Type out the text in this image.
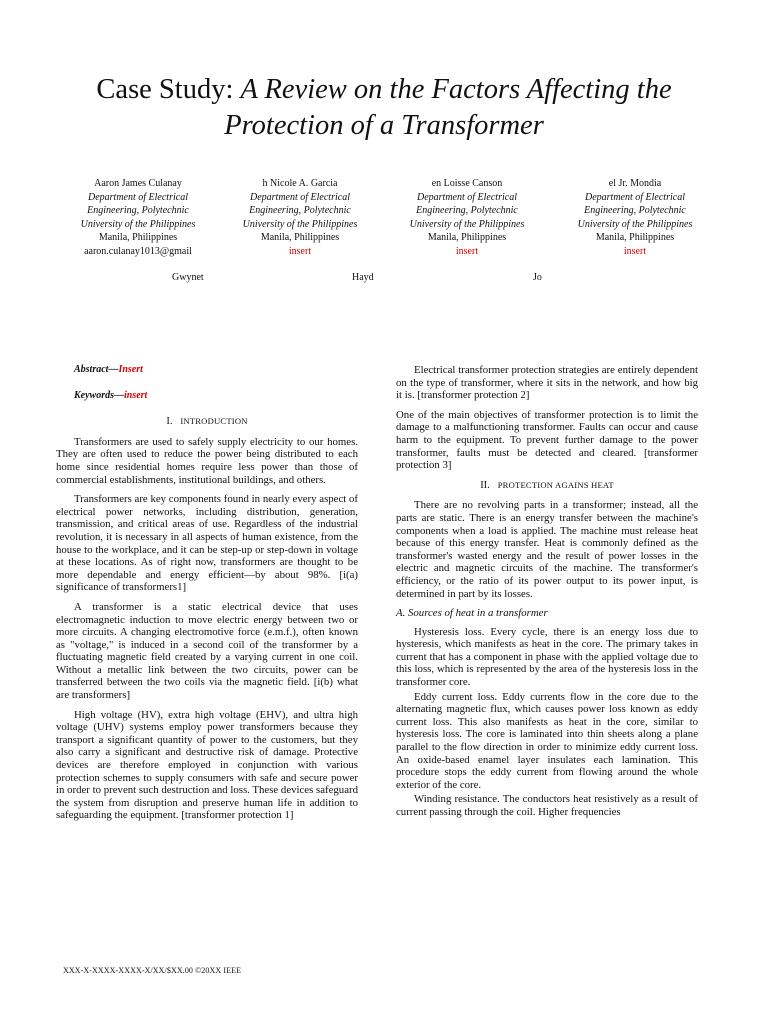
Case Study: A Review on the Factors Affecting the
Protection of a Transformer
Aaron James Culanay

Department of Electrical
Engineering, Polytechnic
University of the Philippines
Manila, Philippines
aaron.culanay1013@gmail
h Nicole A. Garcia

Department of Electrical
Engineering, Polytechnic
University of the Philippines
Manila, Philippines
insert
en Loisse Canson

Department of Electrical
Engineering, Polytechnic
University of the Philippines
Manila, Philippines
insert
el Jr. Mondia

Department of Electrical
Engineering, Polytechnic
University of the Philippines
Manila, Philippines
insert
Gwynet	Hayd	Jo

Abstract—Insert

Keywords—insert

I. INTRODUCTION

Transformers are used to safely supply electricity to our homes. They are often used to reduce the power being distributed to each home since residential homes require less power than those of commercial establishments, institutional buildings, and others.

Transformers are key components found in nearly every aspect of electrical power networks, including distribution, generation, transmission, and critical areas of use. Regardless of the industrial revolution, it is necessary in all aspects of human existence, from the house to the workplace, and it can be step-up or step-down in voltage at these locations. As of right now, transformers are thought to be more dependable and energy efficient—by about 98%. [i(a) significance of transformers1]

A transformer is a static electrical device that uses electromagnetic induction to move electric energy between two or more circuits. A changing electromotive force (e.m.f.), often known as "voltage," is induced in a second coil of the transformer by a fluctuating magnetic field created by a varying current in one coil. Without a metallic link between the two circuits, power can be transferred between the two coils via the magnetic field. [i(b) what are transformers]

High voltage (HV), extra high voltage (EHV), and ultra high voltage (UHV) systems employ power transformers because they transport a significant quantity of power to the customers, but they also carry a significant and destructive risk of damage. Protective devices are therefore employed in conjunction with various protection schemes to supply consumers with safe and secure power in order to prevent such destruction and loss. These devices safeguard the system from disruption and preserve human life in addition to safeguarding the equipment. [transformer protection 1]

Electrical transformer protection strategies are entirely dependent on the type of transformer, where it sits in the network, and how big it is. [transformer protection 2]

One of the main objectives of transformer protection is to limit the damage to a malfunctioning transformer. Faults can occur and cause harm to the equipment. To prevent further damage to the power transformer, faults must be detected and cleared. [transformer protection 3]

II. PROTECTION AGAINS HEAT

There are no revolving parts in a transformer; instead, all the parts are static. There is an energy transfer between the machine's components when a load is applied. The machine must release heat because of this energy transfer. Heat is commonly defined as the transformer's wasted energy and the result of power losses in the electric and magnetic circuits of the machine. The transformer's efficiency, or the ratio of its power output to its power input, is determined in part by its losses.

A. Sources of heat in a transformer

Hysteresis loss. Every cycle, there is an energy loss due to hysteresis, which manifests as heat in the core. The primary takes in current that has a component in phase with the applied voltage due to this loss, which is represented by the area of the hysteresis loss in the transformer core.

Eddy current loss. Eddy currents flow in the core due to the alternating magnetic flux, which causes power loss known as eddy current loss. This also manifests as heat in the core, similar to hysteresis loss. The core is laminated into thin sheets along a plane parallel to the flow direction in order to minimize eddy current loss. An oxide-based enamel layer insulates each lamination. This procedure stops the eddy current from flowing around the whole exterior of the core.

Winding resistance. The conductors heat resistively as a result of current passing through the coil. Higher frequencies

XXX-X-XXXX-XXXX-X/XX/$XX.00 ©20XX IEEE
